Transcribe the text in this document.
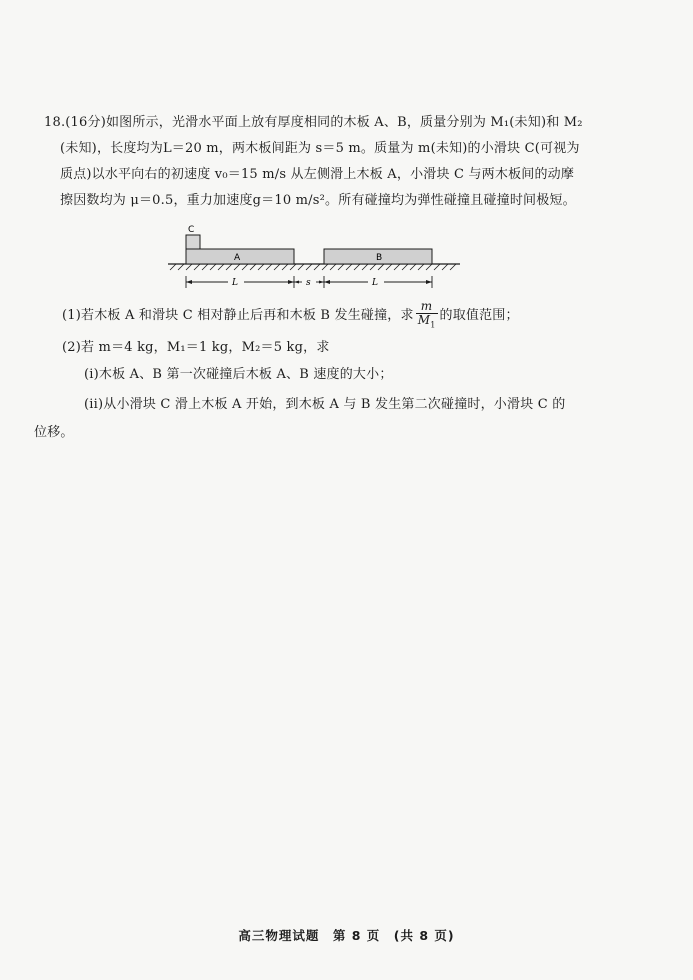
18.(16分)如图所示，光滑水平面上放有厚度相同的木板 A、B，质量分别为 M₁(未知)和 M₂
(未知)，长度均为L＝20 m，两木板间距为 s＝5 m。质量为 m(未知)的小滑块 C(可视为
质点)以水平向右的初速度 v₀＝15 m/s 从左侧滑上木板 A，小滑块 C 与两木板间的动摩
擦因数均为 μ＝0.5，重力加速度g＝10 m/s²。所有碰撞均为弹性碰撞且碰撞时间极短。
C
A	B
L	s	L
(1)若木板 A 和滑块 C 相对静止后再和木板 B 发生碰撞，求 $\frac{m}{M_1}$ 的取值范围；
(2)若 m＝4 kg，M₁＝1 kg，M₂＝5 kg，求
(i)木板 A、B 第一次碰撞后木板 A、B 速度的大小；
(ii)从小滑块 C 滑上木板 A 开始，到木板 A 与 B 发生第二次碰撞时，小滑块 C 的
位移。
高三物理试题　第 8 页　(共 8 页)
